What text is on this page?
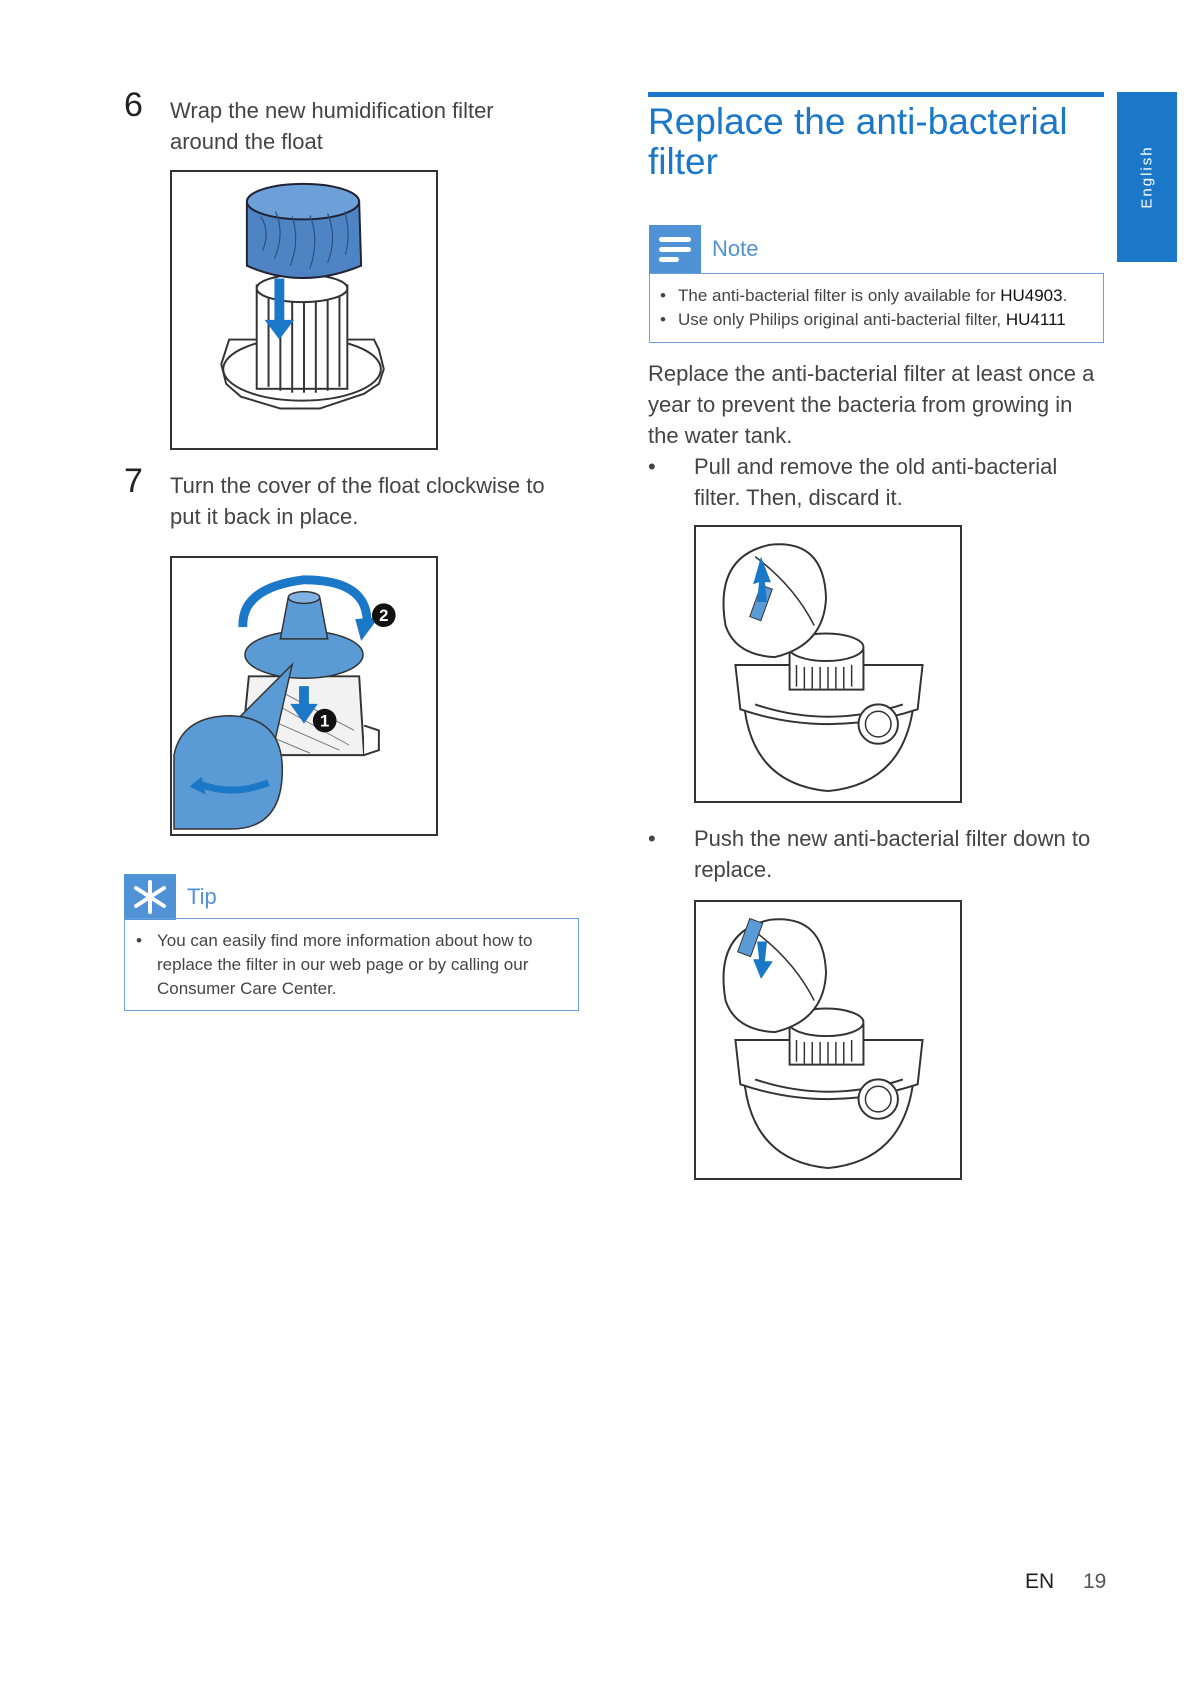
English
6 Wrap the new humidification filter
around the float
7 Turn the cover of the float clockwise to
put it back in place.
2
1
Tip
• You can easily find more information about how to
replace the filter in our web page or by calling our
Consumer Care Center.
Replace the anti-bacterial
filter
Note
• The anti-bacterial filter is only available for HU4903.
• Use only Philips original anti-bacterial filter, HU4111
Replace the anti-bacterial filter at least once a
year to prevent the bacteria from growing in
the water tank.
• Pull and remove the old anti-bacterial
filter. Then, discard it.
• Push the new anti-bacterial filter down to
replace.
EN 19
